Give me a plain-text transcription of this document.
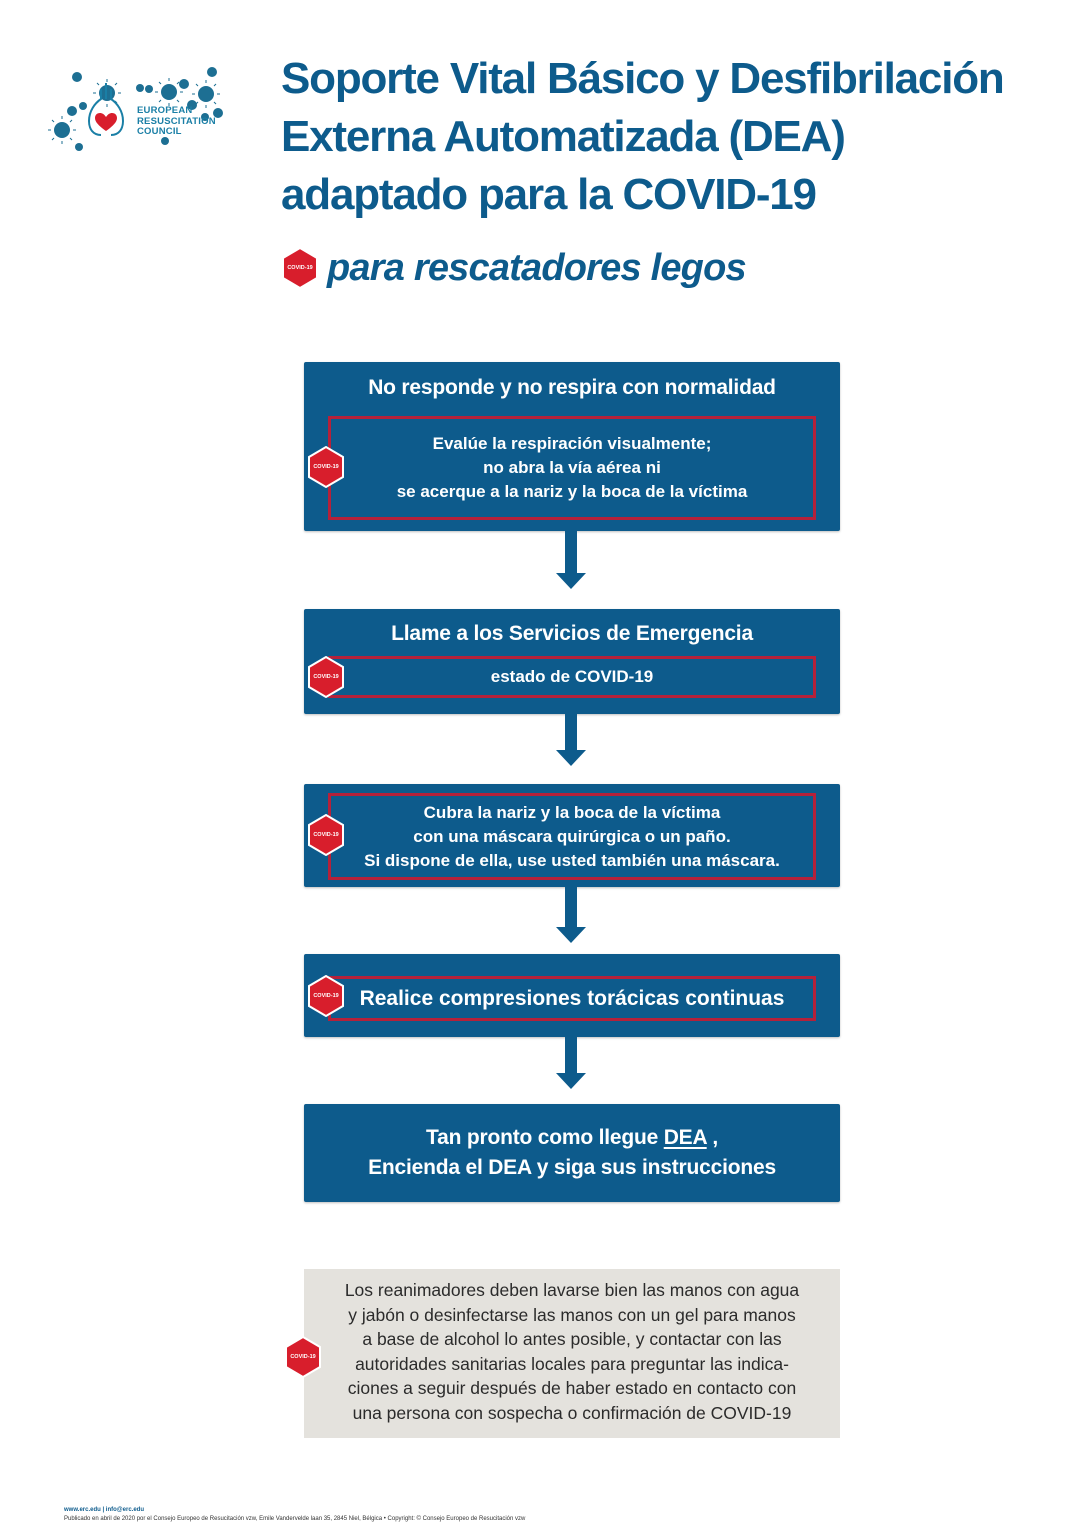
EUROPEAN
RESUSCITATION
COUNCIL
Soporte Vital Básico y Desfibrilación
Externa Automatizada (DEA)
adaptado para la COVID-19
COVID-19 para rescatadores legos
No responde y no respira con normalidad
Evalúe la respiración visualmente;
no abra la vía aérea ni
se acerque a la nariz y la boca de la víctima
COVID-19
Llame a los Servicios de Emergencia
estado de COVID-19
COVID-19
Cubra la nariz y la boca de la víctima
con una máscara quirúrgica o un paño.
Si dispone de ella, use usted también una máscara.
COVID-19
Realice compresiones torácicas continuas
COVID-19
Tan pronto como llegue DEA ,
Encienda el DEA y siga sus instrucciones
Los reanimadores deben lavarse bien las manos con agua
y jabón o desinfectarse las manos con un gel para manos
a base de alcohol lo antes posible, y contactar con las
autoridades sanitarias locales para preguntar las indica-
ciones a seguir después de haber estado en contacto con
una persona con sospecha o confirmación de COVID-19
COVID-19
www.erc.edu | info@erc.edu
Publicado en abril de 2020 por el Consejo Europeo de Resucitación vzw, Emile Vandervelde laan 35, 2845 Niel, Bélgica • Copyright: © Consejo Europeo de Resucitación vzw
